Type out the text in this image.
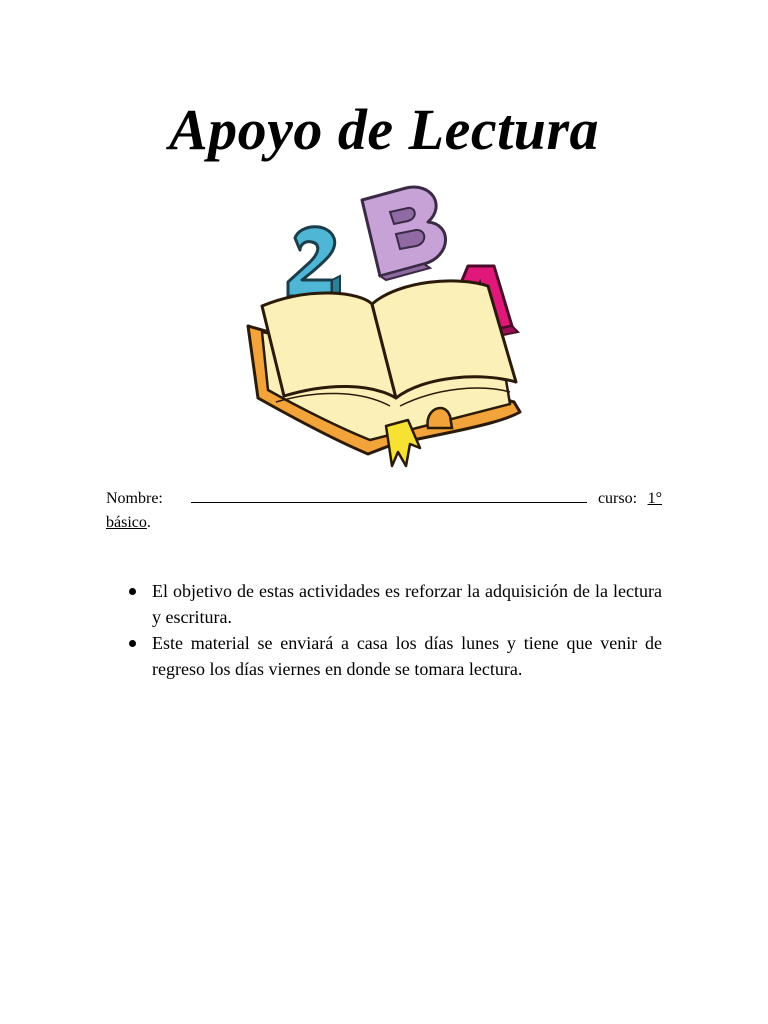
Apoyo de Lectura
Nombre:	curso: 1°
básico.
El objetivo de estas actividades es reforzar la adquisición de la lectura y escritura.
Este material se enviará a casa los días lunes y tiene que venir de regreso los días viernes en donde se tomara lectura.
